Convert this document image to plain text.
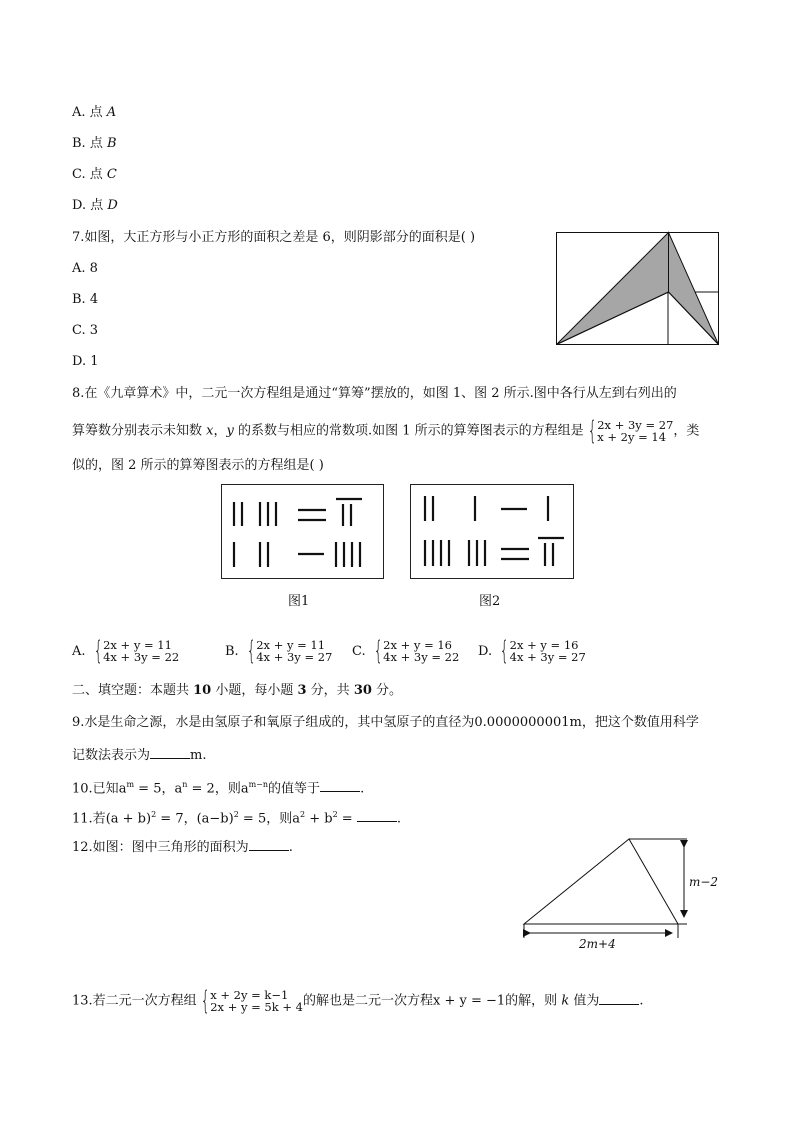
A. 点 A
B. 点 B
C. 点 C
D. 点 D
7.如图，大正方形与小正方形的面积之差是 6，则阴影部分的面积是( )
A. 8
B. 4
C. 3
D. 1
8.在《九章算术》中，二元一次方程组是通过“算筹”摆放的，如图 1、图 2 所示.图中各行从左到右列出的
算筹数分别表示未知数 x，y 的系数与相应的常数项.如图 1 所示的算筹图表示的方程组是 { 2x + 3y = 27
x + 2y = 14 ，类
似的，图 2 所示的算筹图表示的方程组是( )
图1	图2
A. { 2x + y = 11
4x + 3y = 22	B. { 2x + y = 11
4x + 3y = 27 C. { 2x + y = 16
4x + 3y = 22 D. { 2x + y = 16
4x + 3y = 27
二、填空题：本题共 10 小题，每小题 3 分，共 30 分。
9.水是生命之源，水是由氢原子和氧原子组成的，其中氢原子的直径为0.0000000001m，把这个数值用科学
记数法表示为	m.
10.已知$a^m = 5$，$a^n = 2$，则$a^{m-n}$的值等于	.
11.若$(a + b)^2 = 7$，$(a-b)^2 = 5$，则$a^2 + b^2$ =	.
12.如图：图中三角形的面积为	.
m−2
2m+4
13.若二元一次方程组 { x + 2y = k−1
2x + y = 5k + 4 的解也是二元一次方程x + y = −1的解，则 k 值为	.
